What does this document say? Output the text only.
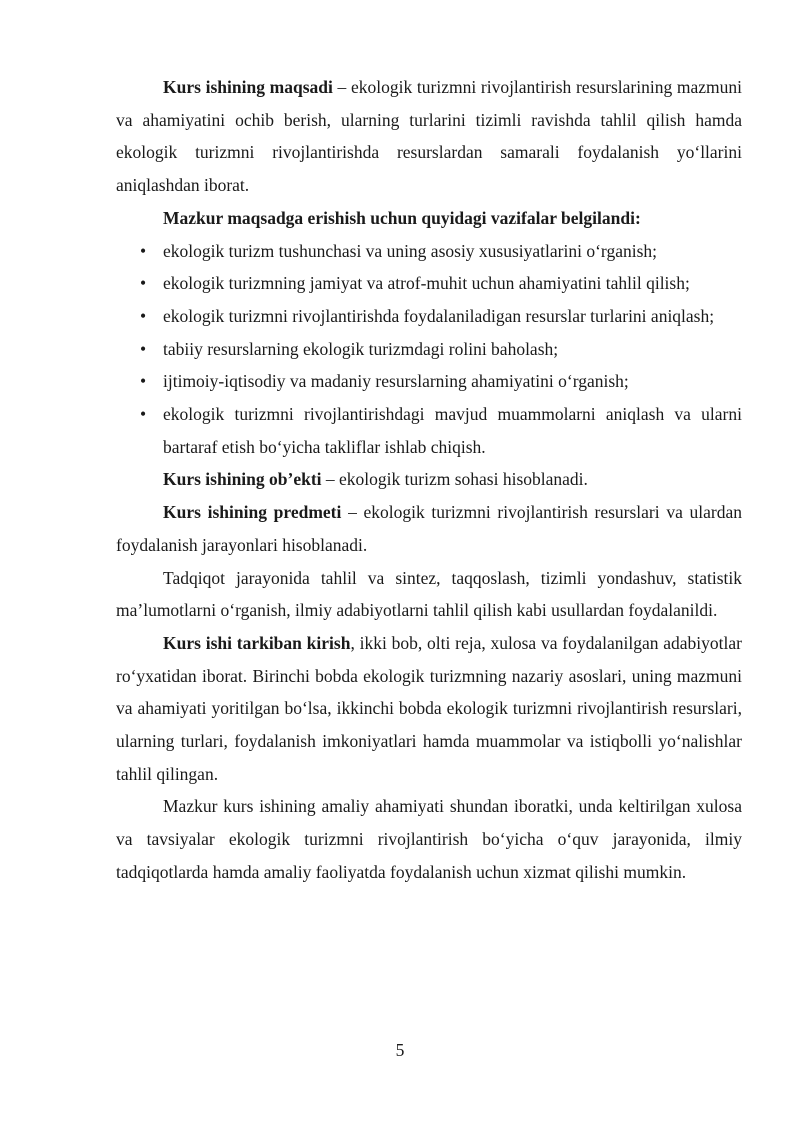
Kurs ishining maqsadi – ekologik turizmni rivojlantirish resurslarining mazmuni va ahamiyatini ochib berish, ularning turlarini tizimli ravishda tahlil qilish hamda ekologik turizmni rivojlantirishda resurslardan samarali foydalanish yo‘llarini aniqlashdan iborat.

Mazkur maqsadga erishish uchun quyidagi vazifalar belgilandi:

• ekologik turizm tushunchasi va uning asosiy xususiyatlarini o‘rganish;
• ekologik turizmning jamiyat va atrof-muhit uchun ahamiyatini tahlil qilish;
• ekologik turizmni rivojlantirishda foydalaniladigan resurslar turlarini aniqlash;
• tabiiy resurslarning ekologik turizmdagi rolini baholash;
• ijtimoiy-iqtisodiy va madaniy resurslarning ahamiyatini o‘rganish;
• ekologik turizmni rivojlantirishdagi mavjud muammolarni aniqlash va ularni bartaraf etish bo‘yicha takliflar ishlab chiqish.

Kurs ishining ob’ekti – ekologik turizm sohasi hisoblanadi.

Kurs ishining predmeti – ekologik turizmni rivojlantirish resurslari va ulardan foydalanish jarayonlari hisoblanadi.

Tadqiqot jarayonida tahlil va sintez, taqqoslash, tizimli yondashuv, statistik ma’lumotlarni o‘rganish, ilmiy adabiyotlarni tahlil qilish kabi usullardan foydalanildi.

Kurs ishi tarkiban kirish, ikki bob, olti reja, xulosa va foydalanilgan adabiyotlar ro‘yxatidan iborat. Birinchi bobda ekologik turizmning nazariy asoslari, uning mazmuni va ahamiyati yoritilgan bo‘lsa, ikkinchi bobda ekologik turizmni rivojlantirish resurslari, ularning turlari, foydalanish imkoniyatlari hamda muammolar va istiqbolli yo‘nalishlar tahlil qilingan.

Mazkur kurs ishining amaliy ahamiyati shundan iboratki, unda keltirilgan xulosa va tavsiyalar ekologik turizmni rivojlantirish bo‘yicha o‘quv jarayonida, ilmiy tadqiqotlarda hamda amaliy faoliyatda foydalanish uchun xizmat qilishi mumkin.

5
